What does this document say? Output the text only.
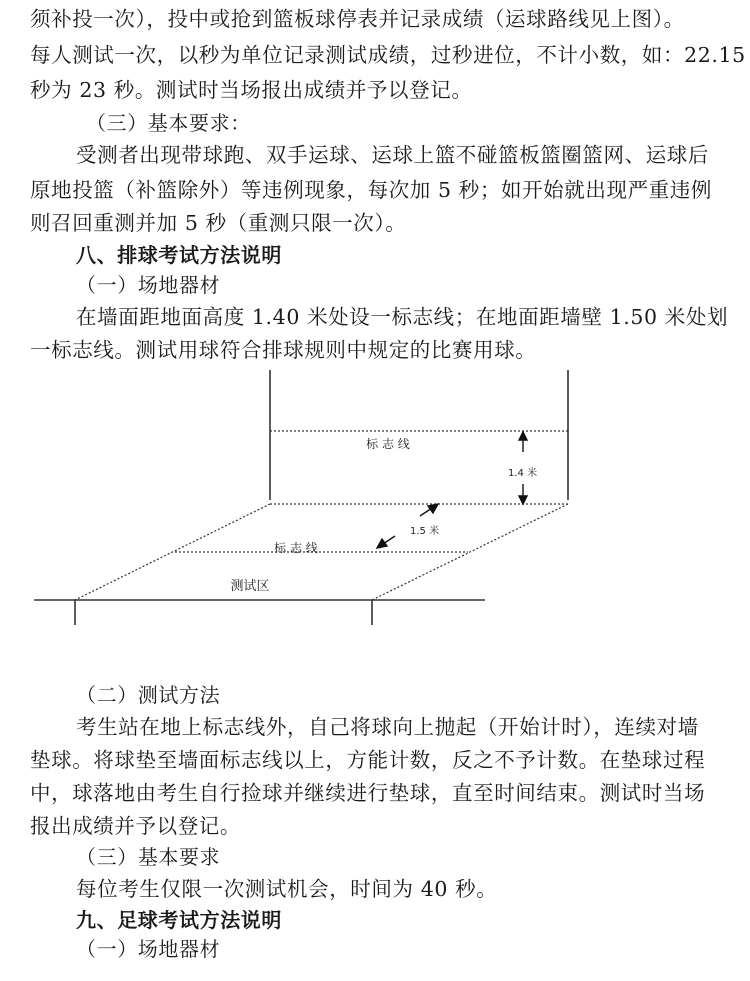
须补投一次），投中或抢到篮板球停表并记录成绩（运球路线见上图）。

每人测试一次，以秒为单位记录测试成绩，过秒进位，不计小数，如：22.15

秒为 23 秒。测试时当场报出成绩并予以登记。

（三）基本要求：

受测者出现带球跑、双手运球、运球上篮不碰篮板篮圈篮网、运球后

原地投篮（补篮除外）等违例现象，每次加 5 秒；如开始就出现严重违例

则召回重测并加 5 秒（重测只限一次）。

八、排球考试方法说明

（一）场地器材

在墙面距地面高度 1.40 米处设一标志线；在地面距墙壁 1.50 米处划

一标志线。测试用球符合排球规则中规定的比赛用球。

标 志 线
1.4 米
1.5 米
标 志 线
测试区

（二）测试方法

考生站在地上标志线外，自己将球向上抛起（开始计时），连续对墙

垫球。将球垫至墙面标志线以上，方能计数，反之不予计数。在垫球过程

中，球落地由考生自行捡球并继续进行垫球，直至时间结束。测试时当场

报出成绩并予以登记。

（三）基本要求

每位考生仅限一次测试机会，时间为 40 秒。

九、足球考试方法说明

（一）场地器材
